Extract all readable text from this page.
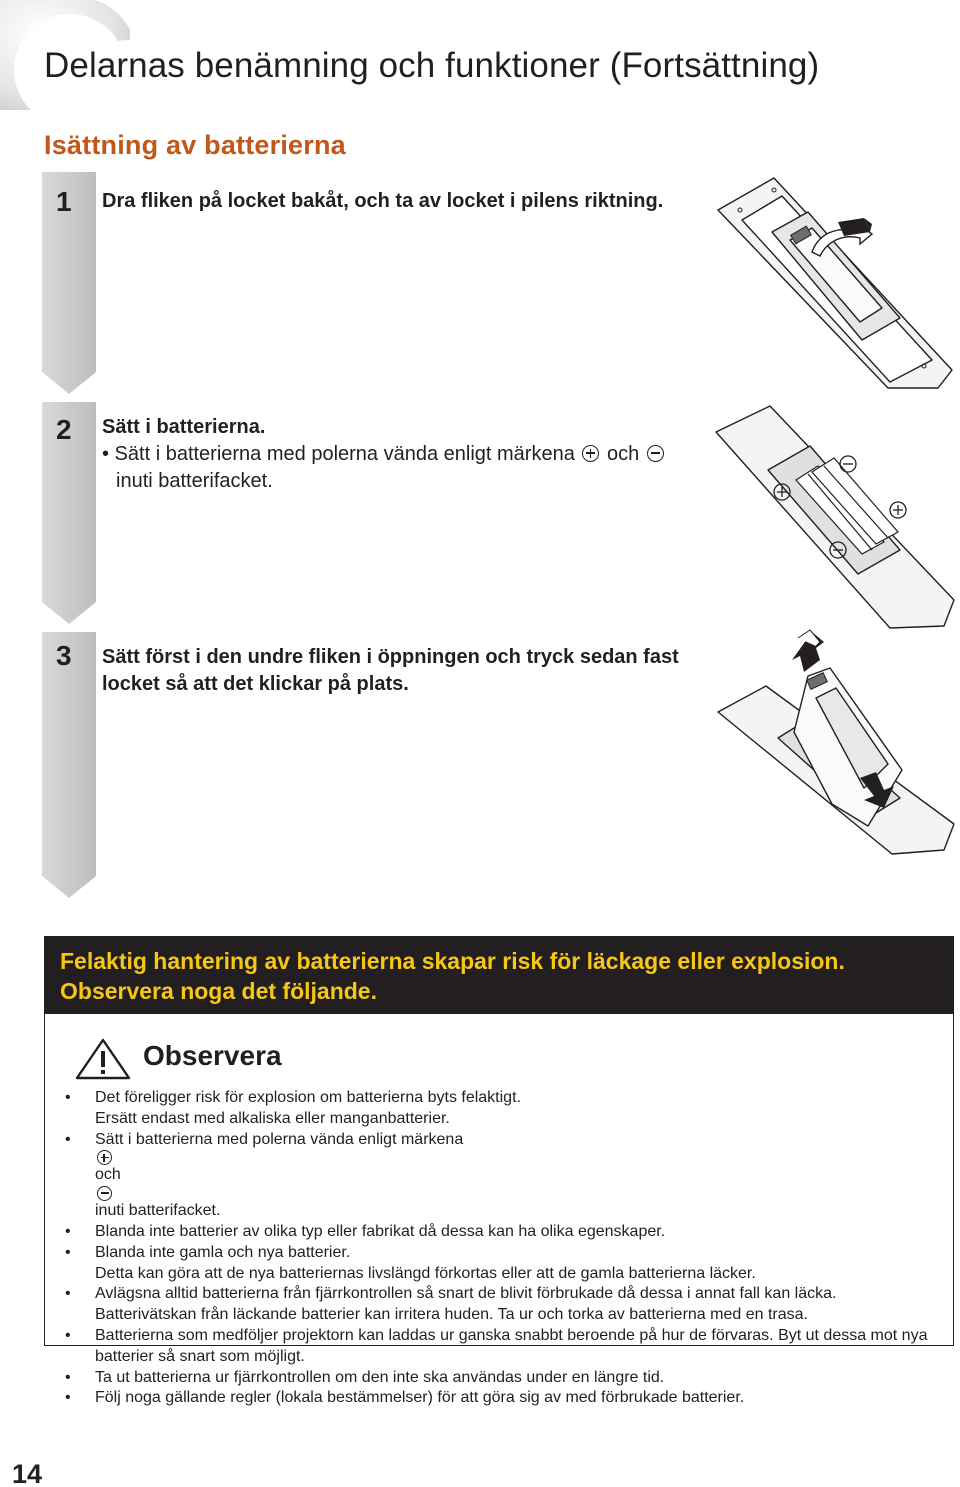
Delarnas benämning och funktioner (Fortsättning)
Isättning av batterierna
1 Dra fliken på locket bakåt, och ta av locket i pilens riktning.
2 Sätt i batterierna.
• Sätt i batterierna med polerna vända enligt märkena och
inuti batterifacket.
3 Sätt först i den undre fliken i öppningen och tryck sedan fast locket så att det klickar på plats.
Felaktig hantering av batterierna skapar risk för läckage eller explosion.
Observera noga det följande.
Observera
• Det föreligger risk för explosion om batterierna byts felaktigt.
Ersätt endast med alkaliska eller manganbatterier.
• Sätt i batterierna med polerna vända enligt märkena
och
inuti batterifacket.
• Blanda inte batterier av olika typ eller fabrikat då dessa kan ha olika egenskaper.
• Blanda inte gamla och nya batterier.
Detta kan göra att de nya batteriernas livslängd förkortas eller att de gamla batterierna läcker.
• Avlägsna alltid batterierna från fjärrkontrollen så snart de blivit förbrukade då dessa i annat fall kan läcka.
Batterivätskan från läckande batterier kan irritera huden. Ta ur och torka av batterierna med en trasa.
• Batterierna som medföljer projektorn kan laddas ur ganska snabbt beroende på hur de förvaras. Byt ut dessa mot nya batterier så snart som möjligt.
• Ta ut batterierna ur fjärrkontrollen om den inte ska användas under en längre tid.
• Följ noga gällande regler (lokala bestämmelser) för att göra sig av med förbrukade batterier.
14
